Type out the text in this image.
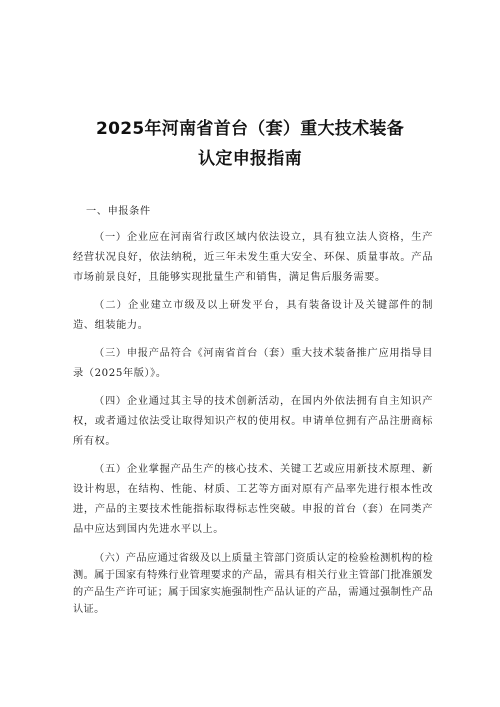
2025年河南省首台（套）重大技术装备
认定申报指南
一、申报条件

（一）企业应在河南省行政区域内依法设立，具有独立法人资格，生产经营状况良好，依法纳税，近三年未发生重大安全、环保、质量事故。产品市场前景良好，且能够实现批量生产和销售，满足售后服务需要。

（二）企业建立市级及以上研发平台，具有装备设计及关键部件的制造、组装能力。

（三）申报产品符合《河南省首台（套）重大技术装备推广应用指导目录（2025年版）》。

（四）企业通过其主导的技术创新活动，在国内外依法拥有自主知识产权，或者通过依法受让取得知识产权的使用权。申请单位拥有产品注册商标所有权。

（五）企业掌握产品生产的核心技术、关键工艺或应用新技术原理、新设计构思，在结构、性能、材质、工艺等方面对原有产品率先进行根本性改进，产品的主要技术性能指标取得标志性突破。申报的首台（套）在同类产品中应达到国内先进水平以上。

（六）产品应通过省级及以上质量主管部门资质认定的检验检测机构的检测。属于国家有特殊行业管理要求的产品，需具有相关行业主管部门批准颁发的产品生产许可证；属于国家实施强制性产品认证的产品，需通过强制性产品认证。
